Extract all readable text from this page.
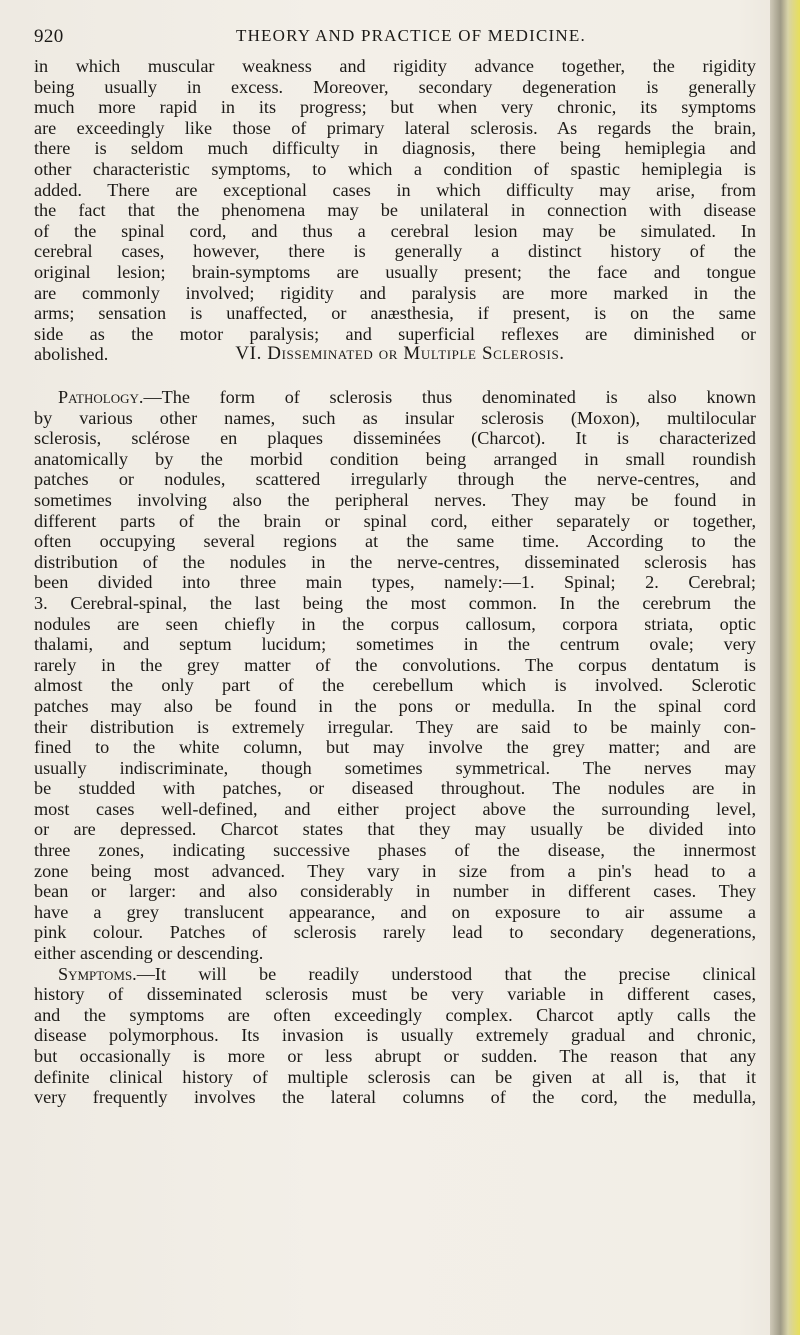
920	THEORY AND PRACTICE OF MEDICINE.
in which muscular weakness and rigidity advance together, the rigidity
being usually in excess. Moreover, secondary degeneration is generally
much more rapid in its progress; but when very chronic, its symptoms
are exceedingly like those of primary lateral sclerosis. As regards the brain,
there is seldom much difficulty in diagnosis, there being hemiplegia and
other characteristic symptoms, to which a condition of spastic hemiplegia is
added. There are exceptional cases in which difficulty may arise, from
the fact that the phenomena may be unilateral in connection with disease
of the spinal cord, and thus a cerebral lesion may be simulated. In
cerebral cases, however, there is generally a distinct history of the
original lesion; brain-symptoms are usually present; the face and tongue
are commonly involved; rigidity and paralysis are more marked in the
arms; sensation is unaffected, or anæsthesia, if present, is on the same
side as the motor paralysis; and superficial reflexes are diminished or
abolished.	VI. Disseminated or Multiple Sclerosis.
Pathology.—The form of sclerosis thus denominated is also known
by various other names, such as insular sclerosis (Moxon), multilocular
sclerosis, sclérose en plaques disseminées (Charcot). It is characterized
anatomically by the morbid condition being arranged in small roundish
patches or nodules, scattered irregularly through the nerve-centres, and
sometimes involving also the peripheral nerves. They may be found in
different parts of the brain or spinal cord, either separately or together,
often occupying several regions at the same time. According to the
distribution of the nodules in the nerve-centres, disseminated sclerosis has
been divided into three main types, namely:—1. Spinal; 2. Cerebral;
3. Cerebral-spinal, the last being the most common. In the cerebrum the
nodules are seen chiefly in the corpus callosum, corpora striata, optic
thalami, and septum lucidum; sometimes in the centrum ovale; very
rarely in the grey matter of the convolutions. The corpus dentatum is
almost the only part of the cerebellum which is involved. Sclerotic
patches may also be found in the pons or medulla. In the spinal cord
their distribution is extremely irregular. They are said to be mainly con-
fined to the white column, but may involve the grey matter; and are
usually indiscriminate, though sometimes symmetrical. The nerves may
be studded with patches, or diseased throughout. The nodules are in
most cases well-defined, and either project above the surrounding level,
or are depressed. Charcot states that they may usually be divided into
three zones, indicating successive phases of the disease, the innermost
zone being most advanced. They vary in size from a pin's head to a
bean or larger: and also considerably in number in different cases. They
have a grey translucent appearance, and on exposure to air assume a
pink colour. Patches of sclerosis rarely lead to secondary degenerations,
either ascending or descending.
Symptoms.—It will be readily understood that the precise clinical
history of disseminated sclerosis must be very variable in different cases,
and the symptoms are often exceedingly complex. Charcot aptly calls the
disease polymorphous. Its invasion is usually extremely gradual and chronic,
but occasionally is more or less abrupt or sudden. The reason that any
definite clinical history of multiple sclerosis can be given at all is, that it
very frequently involves the lateral columns of the cord, the medulla,
